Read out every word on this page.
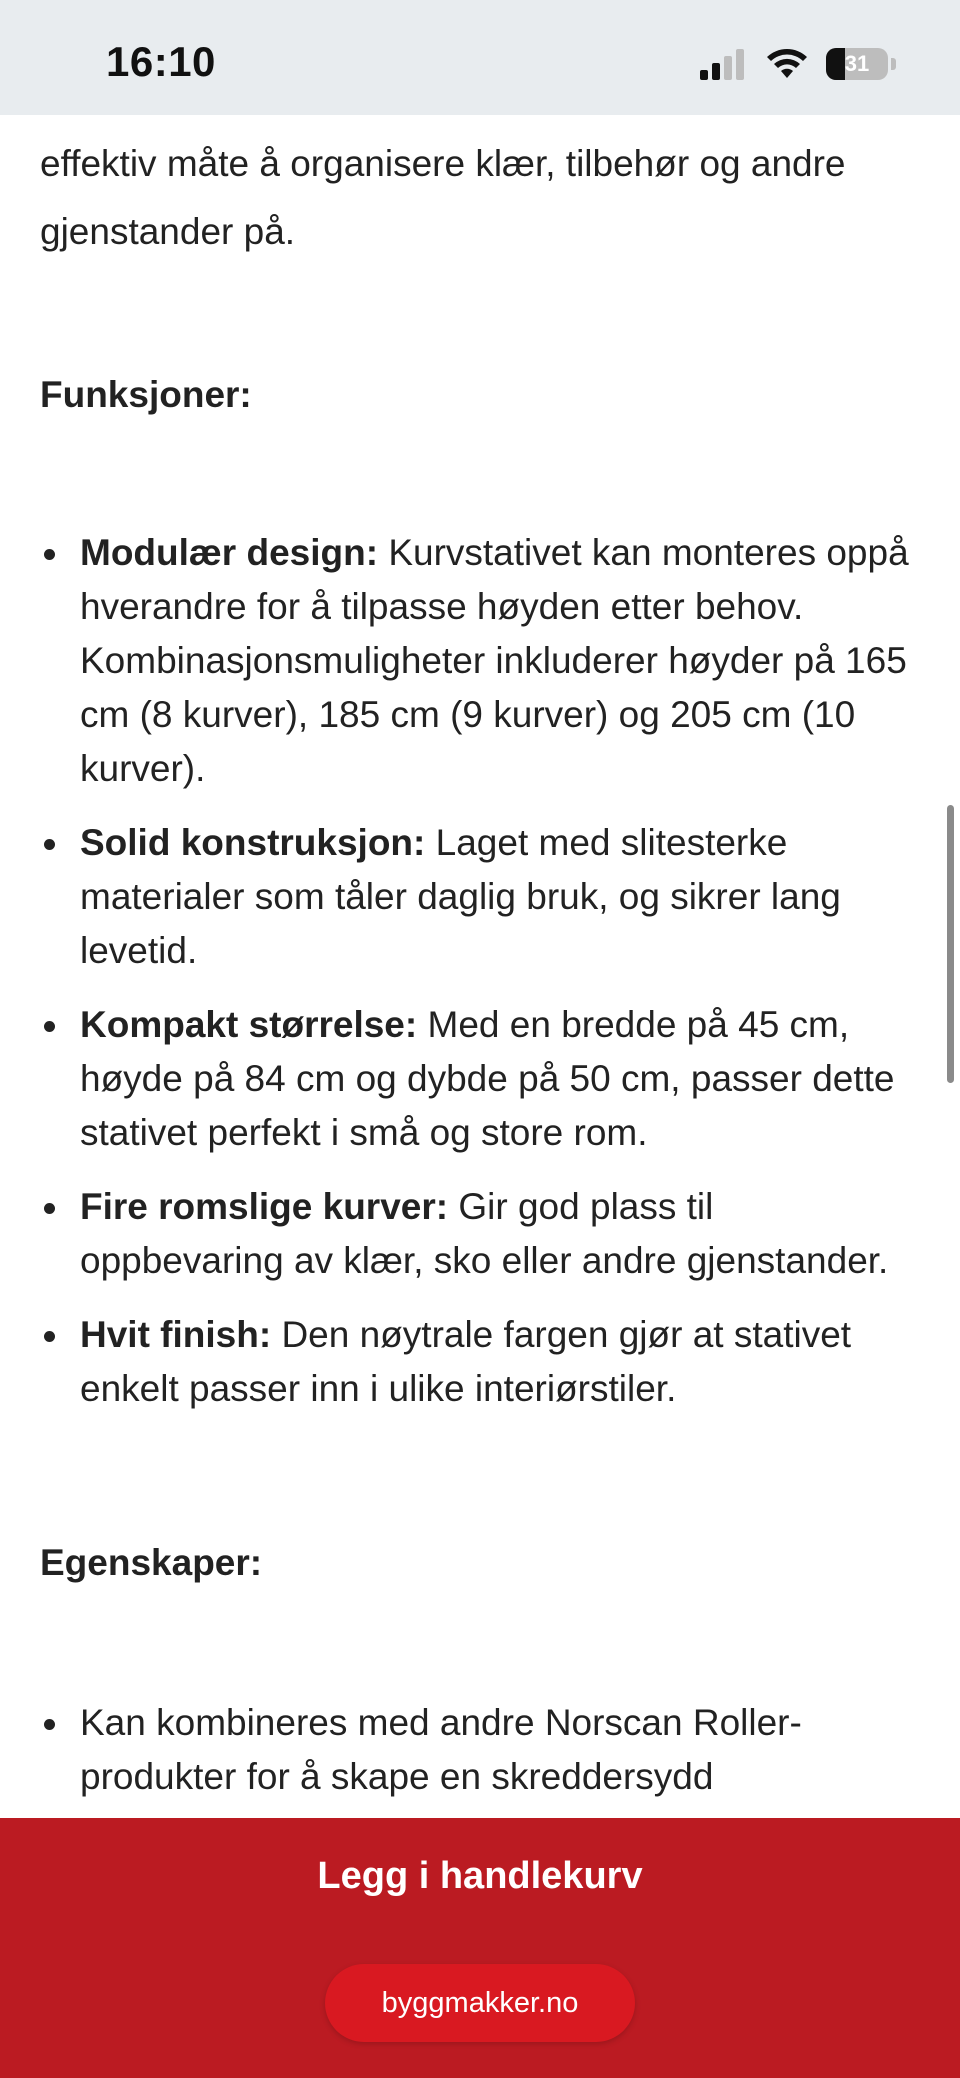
16:10	31
effektiv måte å organisere klær, tilbehør og andre gjenstander på.
Funksjoner:
Modulær design: Kurvstativet kan monteres oppå hverandre for å tilpasse høyden etter behov. Kombinasjonsmuligheter inkluderer høyder på 165 cm (8 kurver), 185 cm (9 kurver) og 205 cm (10 kurver).
Solid konstruksjon: Laget med slitesterke materialer som tåler daglig bruk, og sikrer lang levetid.
Kompakt størrelse: Med en bredde på 45 cm, høyde på 84 cm og dybde på 50 cm, passer dette stativet perfekt i små og store rom.
Fire romslige kurver: Gir god plass til oppbevaring av klær, sko eller andre gjenstander.
Hvit finish: Den nøytrale fargen gjør at stativet enkelt passer inn i ulike interiørstiler.
Egenskaper:
Kan kombineres med andre Norscan Roller-produkter for å skape en skreddersydd
Legg i handlekurv
byggmakker.no
